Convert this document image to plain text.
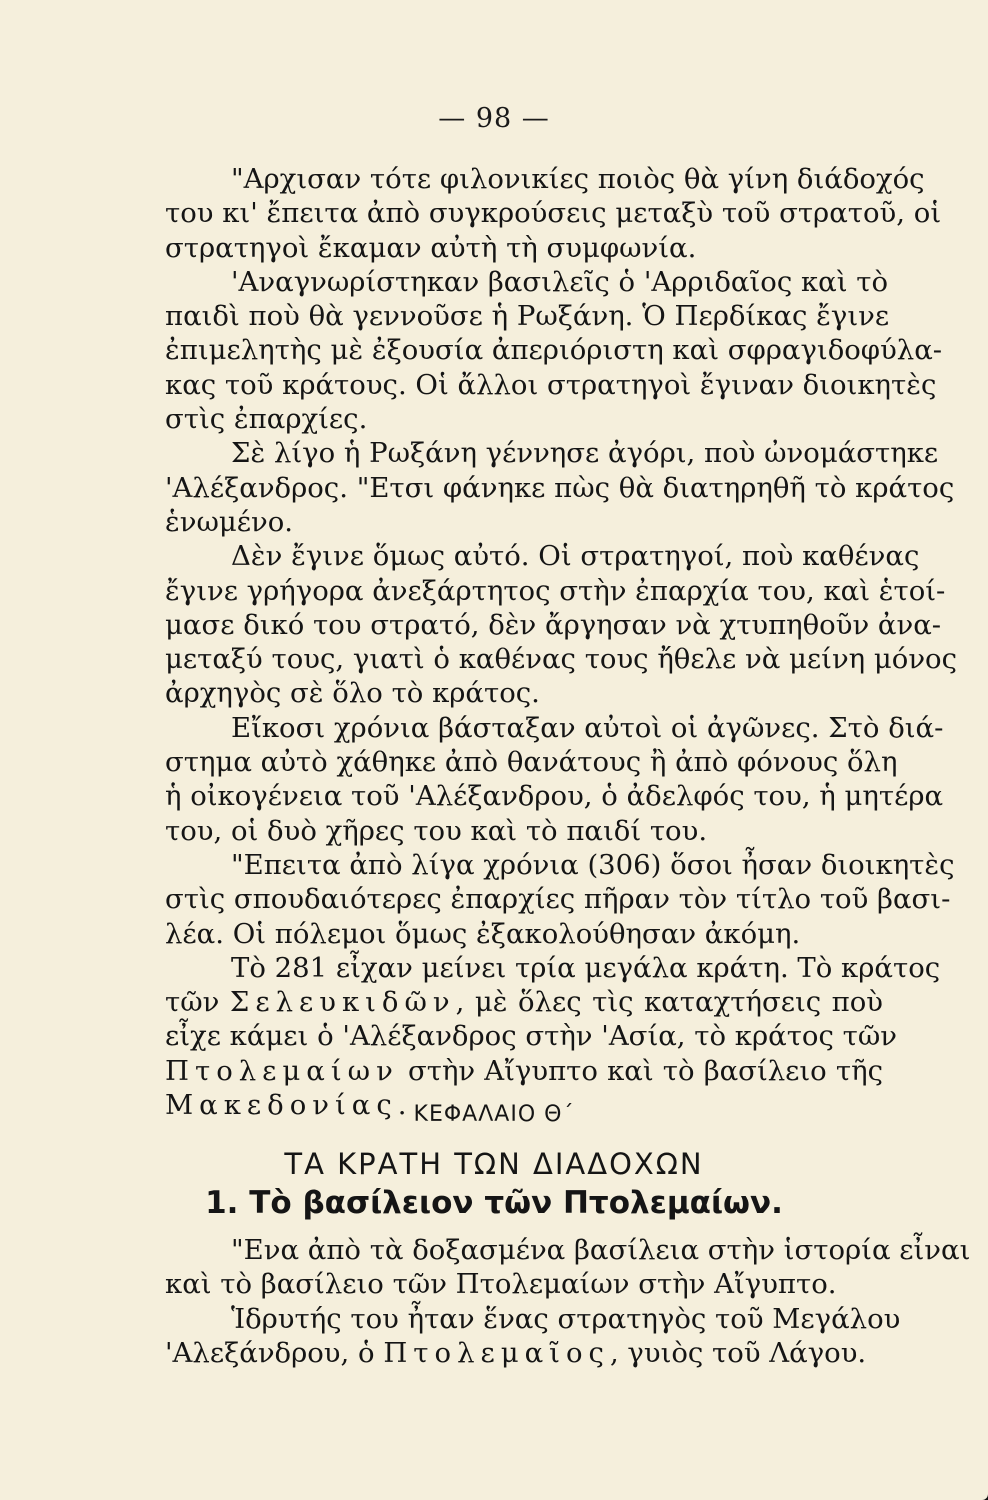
— 98 —
"Αρχισαν τότε φιλονικίες ποιὸς θὰ γίνη διάδοχός
του κι' ἔπειτα ἀπὸ συγκρούσεις μεταξὺ τοῦ στρατοῦ, οἱ
στρατηγοὶ ἔκαμαν αὐτὴ τὴ συμφωνία.
'Αναγνωρίστηκαν βασιλεῖς ὁ 'Αρριδαῖος καὶ τὸ
παιδὶ ποὺ θὰ γεννοῦσε ἡ Ρωξάνη. Ὁ Περδίκας ἔγινε
ἐπιμελητὴς μὲ ἐξουσία ἀπεριόριστη καὶ σφραγιδοφύλα-
κας τοῦ κράτους. Οἱ ἄλλοι στρατηγοὶ ἔγιναν διοικητὲς
στὶς ἐπαρχίες.
Σὲ λίγο ἡ Ρωξάνη γέννησε ἀγόρι, ποὺ ὠνομάστηκε
'Αλέξανδρος. "Ετσι φάνηκε πὼς θὰ διατηρηθῆ τὸ κράτος
ἑνωμένο.
Δὲν ἔγινε ὅμως αὐτό. Οἱ στρατηγοί, ποὺ καθένας
ἔγινε γρήγορα ἀνεξάρτητος στὴν ἐπαρχία του, καὶ ἑτοί-
μασε δικό του στρατό, δὲν ἄργησαν νὰ χτυπηθοῦν ἀνα-
μεταξύ τους, γιατὶ ὁ καθένας τους ἤθελε νὰ μείνη μόνος
ἀρχηγὸς σὲ ὅλο τὸ κράτος.
Εἴκοσι χρόνια βάσταξαν αὐτοὶ οἱ ἀγῶνες. Στὸ διά-
στημα αὐτὸ χάθηκε ἀπὸ θανάτους ἢ ἀπὸ φόνους ὅλη
ἡ οἰκογένεια τοῦ 'Αλέξανδρου, ὁ ἀδελφός του, ἡ μητέρα
του, οἱ δυὸ χῆρες του καὶ τὸ παιδί του.
"Επειτα ἀπὸ λίγα χρόνια (306) ὅσοι ἦσαν διοικητὲς
στὶς σπουδαιότερες ἐπαρχίες πῆραν τὸν τίτλο τοῦ βασι-
λέα. Οἱ πόλεμοι ὅμως ἐξακολούθησαν ἀκόμη.
Τὸ 281 εἶχαν μείνει τρία μεγάλα κράτη. Τὸ κράτος
τῶν Σελευκιδῶν, μὲ ὅλες τὶς καταχτήσεις ποὺ
εἶχε κάμει ὁ 'Αλέξανδρος στὴν 'Ασία, τὸ κράτος τῶν
Πτολεμαίων στὴν Αἴγυπτο καὶ τὸ βασίλειο τῆς
Μακεδονίας. ΚΕΦΑΛΑΙΟ Θ΄
ΤΑ ΚΡΑΤΗ ΤΩΝ ΔΙΑΔΟΧΩΝ
1. Τὸ βασίλειον τῶν Πτολεμαίων.
"Ενα ἀπὸ τὰ δοξασμένα βασίλεια στὴν ἱστορία εἶναι
καὶ τὸ βασίλειο τῶν Πτολεμαίων στὴν Αἴγυπτο.
Ἱδρυτής του ἦταν ἕνας στρατηγὸς τοῦ Μεγάλου
'Αλεξάνδρου, ὁ Πτολεμαῖος, γυιὸς τοῦ Λάγου.
